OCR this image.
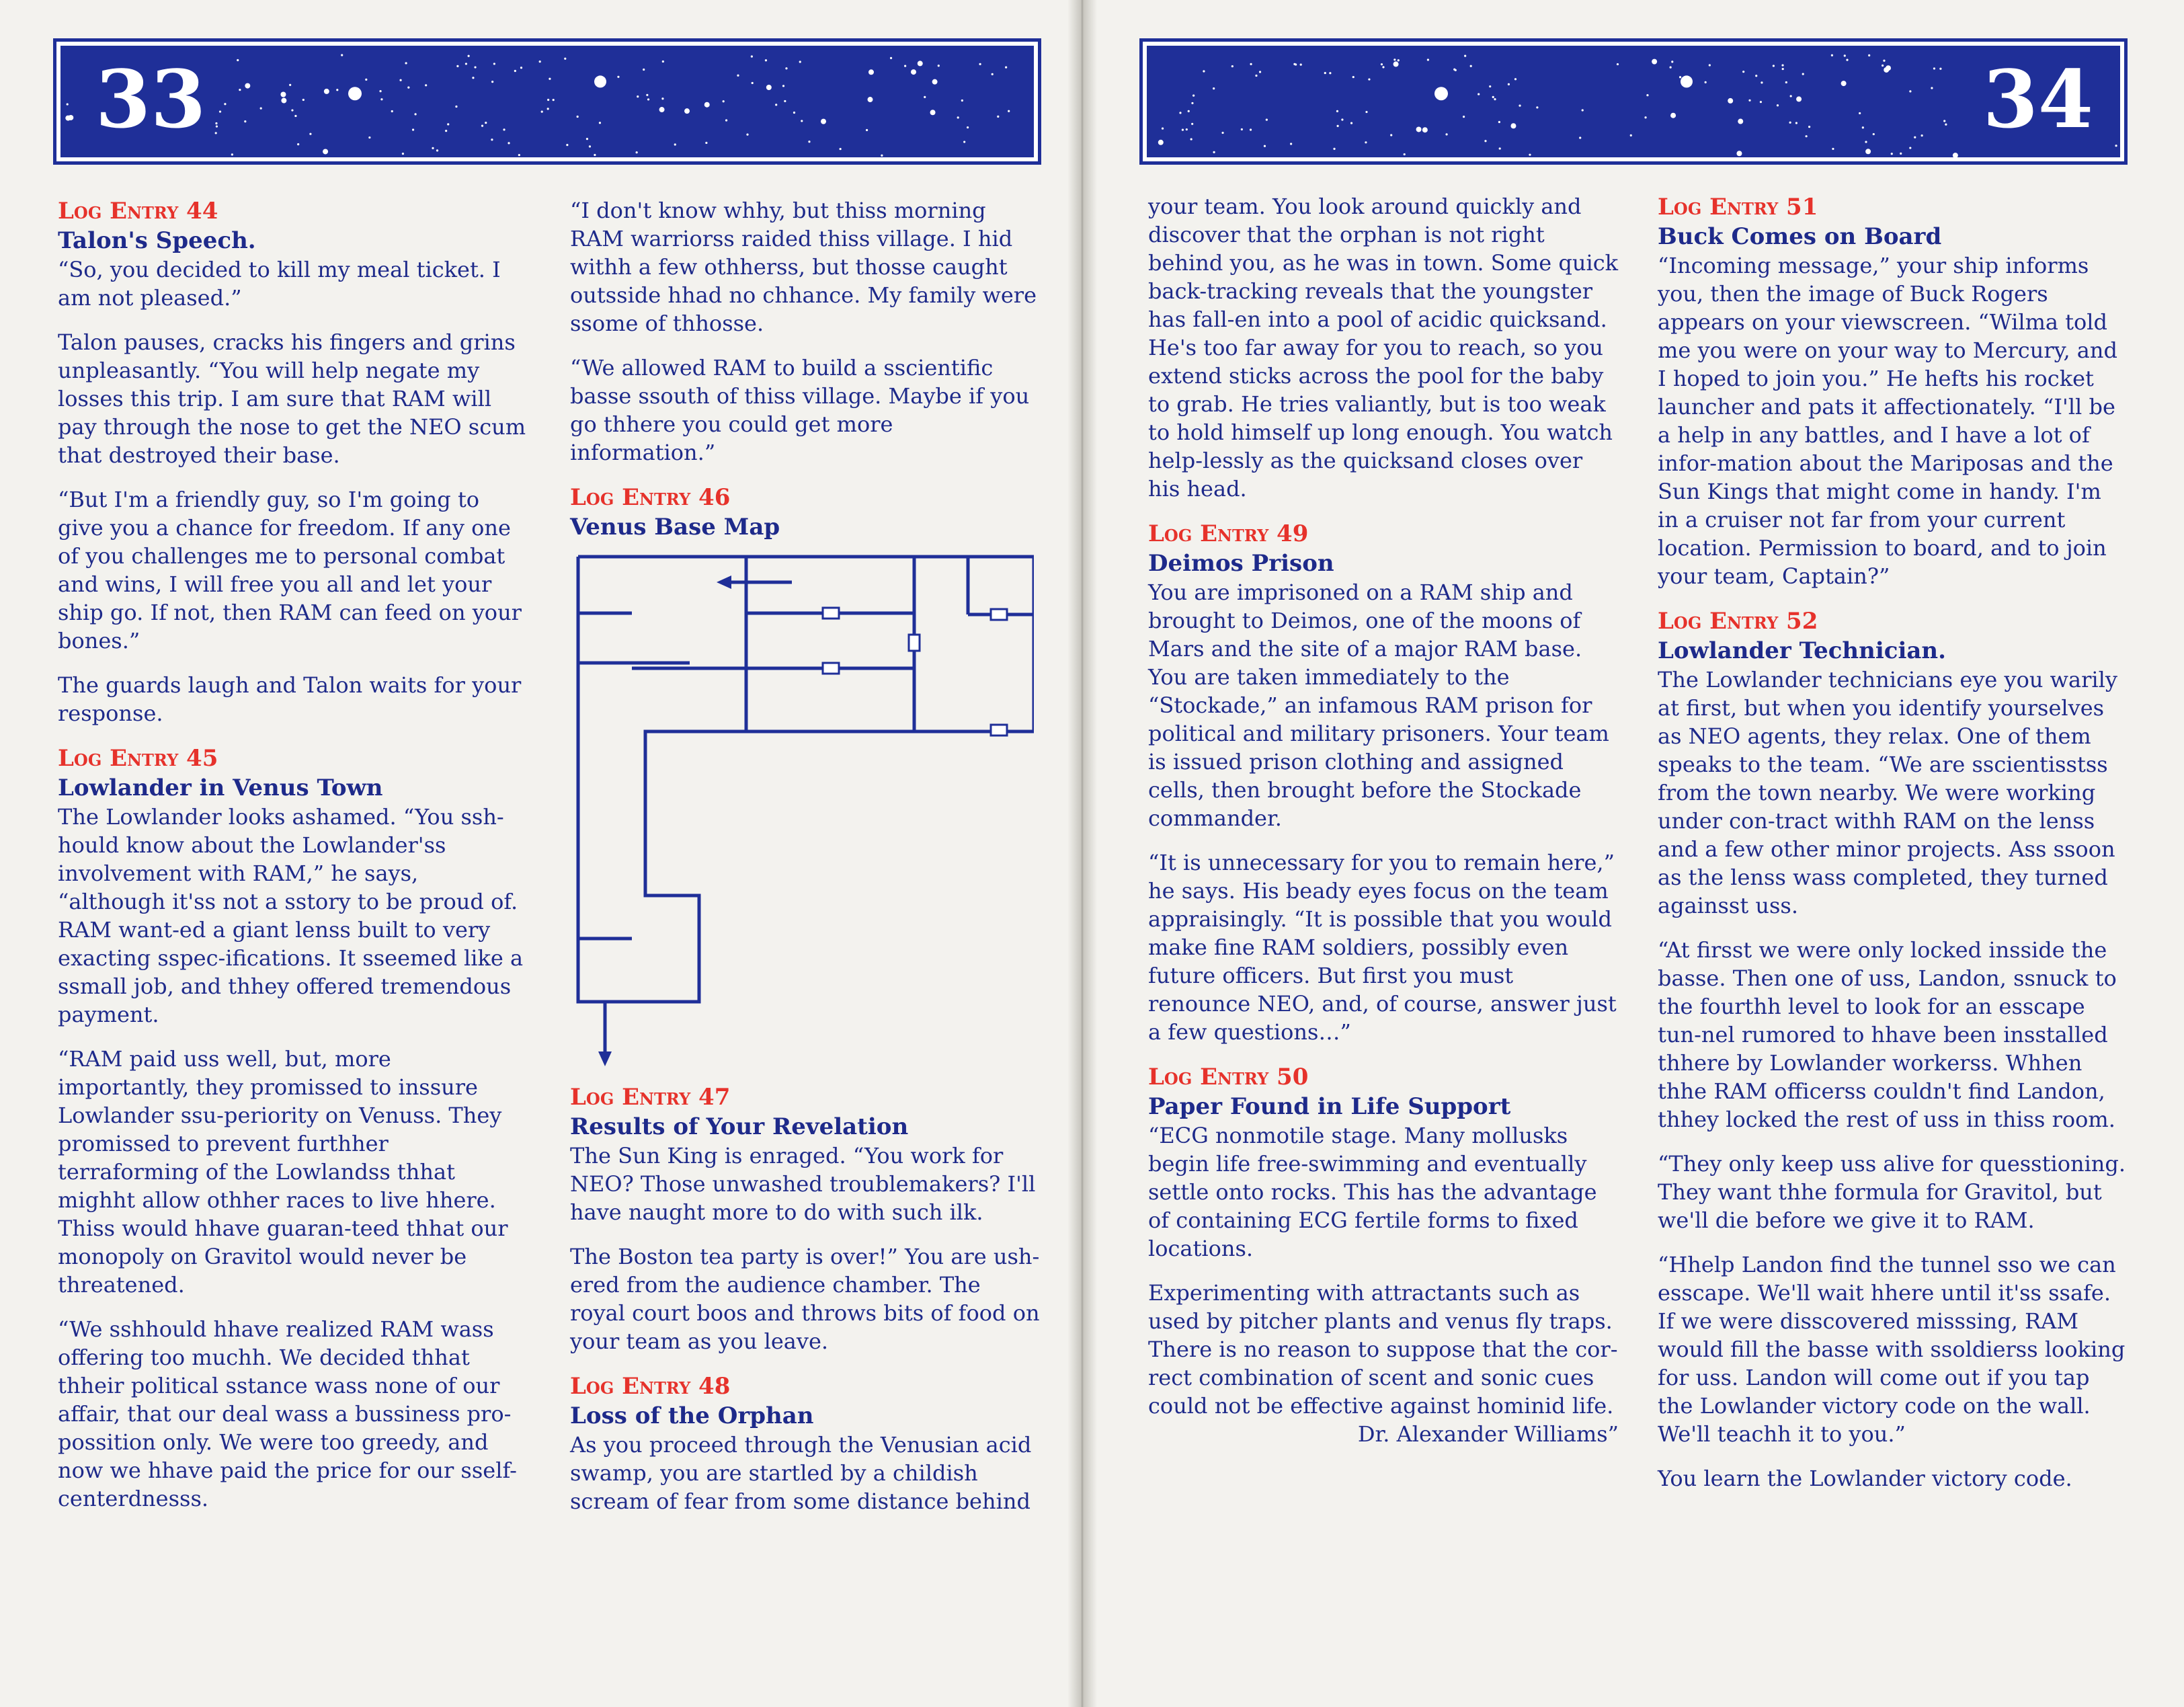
33	34
Log Entry 44
Talon's Speech.

“So, you decided to kill my meal ticket. I am not pleased.”

Talon pauses, cracks his fingers and grins unpleasantly. “You will help negate my losses this trip. I am sure that RAM will pay through the nose to get the NEO scum that destroyed their base.

“But I'm a friendly guy, so I'm going to give you a chance for freedom. If any one of you challenges me to personal combat and wins, I will free you all and let your ship go. If not, then RAM can feed on your bones.”

The guards laugh and Talon waits for your response.

Log Entry 45
Lowlander in Venus Town

The Lowlander looks ashamed. “You ssh-hould know about the Lowlander'ss involvement with RAM,” he says, “although it'ss not a sstory to be proud of. RAM want-ed a giant lenss built to very exacting sspec-ifications. It sseemed like a ssmall job, and thhey offered tremendous payment.

“RAM paid uss well, but, more importantly, they promissed to inssure Lowlander ssu-periority on Venuss. They promissed to prevent furthher terraforming of the Lowlandss thhat mighht allow othher races to live hhere. Thiss would hhave guaran-teed thhat our monopoly on Gravitol would never be threatened.

“We sshhould hhave realized RAM wass offering too muchh. We decided thhat thheir political sstance wass none of our affair, that our deal wass a bussiness pro-possition only. We were too greedy, and now we hhave paid the price for our sself-centerdnesss.

“I don't know whhy, but thiss morning RAM warriorss raided thiss village. I hid withh a few othherss, but thosse caught outsside hhad no chhance. My family were ssome of thhosse.

“We allowed RAM to build a sscientific basse ssouth of thiss village. Maybe if you go thhere you could get more information.”

Log Entry 46
Venus Base Map
Log Entry 47
Results of Your Revelation

The Sun King is enraged. “You work for NEO? Those unwashed troublemakers? I'll have naught more to do with such ilk.

The Boston tea party is over!” You are ush-ered from the audience chamber. The royal court boos and throws bits of food on your team as you leave.

Log Entry 48
Loss of the Orphan

As you proceed through the Venusian acid swamp, you are startled by a childish scream of fear from some distance behind

your team. You look around quickly and discover that the orphan is not right behind you, as he was in town. Some quick back-tracking reveals that the youngster has fall-en into a pool of acidic quicksand. He's too far away for you to reach, so you extend sticks across the pool for the baby to grab. He tries valiantly, but is too weak to hold himself up long enough. You watch help-lessly as the quicksand closes over his head.

Log Entry 49
Deimos Prison

You are imprisoned on a RAM ship and brought to Deimos, one of the moons of Mars and the site of a major RAM base. You are taken immediately to the “Stockade,” an infamous RAM prison for political and military prisoners. Your team is issued prison clothing and assigned cells, then brought before the Stockade commander.

“It is unnecessary for you to remain here,” he says. His beady eyes focus on the team appraisingly. “It is possible that you would make fine RAM soldiers, possibly even future officers. But first you must renounce NEO, and, of course, answer just a few questions…”

Log Entry 50
Paper Found in Life Support

“ECG nonmotile stage. Many mollusks begin life free-swimming and eventually settle onto rocks. This has the advantage of containing ECG fertile forms to fixed locations.

Experimenting with attractants such as used by pitcher plants and venus fly traps. There is no reason to suppose that the cor-rect combination of scent and sonic cues could not be effective against hominid life.

Dr. Alexander Williams”

Log Entry 51
Buck Comes on Board

“Incoming message,” your ship informs you, then the image of Buck Rogers appears on your viewscreen. “Wilma told me you were on your way to Mercury, and I hoped to join you.” He hefts his rocket launcher and pats it affectionately. “I'll be a help in any battles, and I have a lot of infor-mation about the Mariposas and the Sun Kings that might come in handy. I'm in a cruiser not far from your current location. Permission to board, and to join your team, Captain?”

Log Entry 52
Lowlander Technician.

The Lowlander technicians eye you warily at first, but when you identify yourselves as NEO agents, they relax. One of them speaks to the team. “We are sscientisstss from the town nearby. We were working under con-tract withh RAM on the lenss and a few other minor projects. Ass ssoon as the lenss wass completed, they turned againsst uss.

“At firsst we were only locked insside the basse. Then one of uss, Landon, ssnuck to the fourthh level to look for an esscape tun-nel rumored to hhave been insstalled thhere by Lowlander workerss. Whhen thhe RAM officerss couldn't find Landon, thhey locked the rest of uss in thiss room.

“They only keep uss alive for quesstioning. They want thhe formula for Gravitol, but we'll die before we give it to RAM.

“Hhelp Landon find the tunnel sso we can esscape. We'll wait hhere until it'ss ssafe. If we were disscovered misssing, RAM would fill the basse with ssoldierss looking for uss. Landon will come out if you tap the Lowlander victory code on the wall. We'll teachh it to you.”

You learn the Lowlander victory code.
